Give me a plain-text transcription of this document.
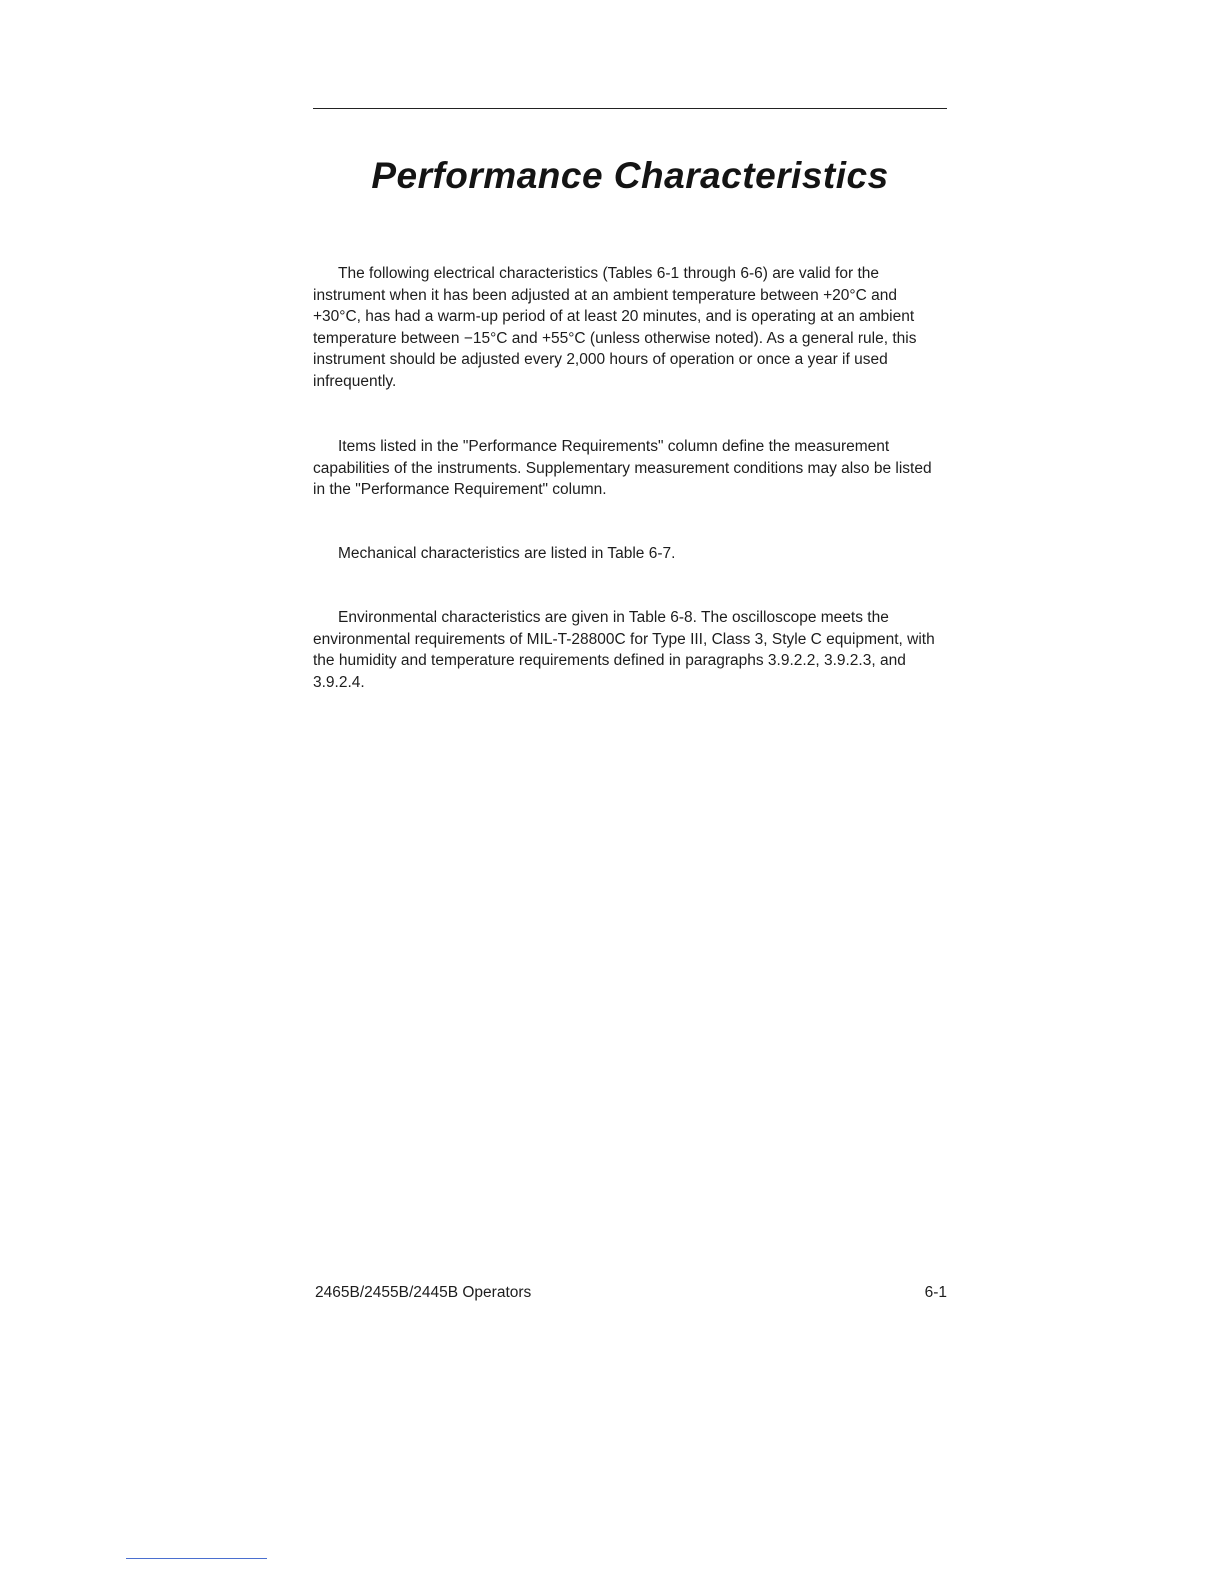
Performance Characteristics

The following electrical characteristics (Tables 6-1 through 6-6) are valid for the instrument when it has been adjusted at an ambient temperature between +20°C and +30°C, has had a warm-up period of at least 20 minutes, and is operating at an ambient temperature between −15°C and +55°C (unless otherwise noted). As a general rule, this instrument should be adjusted every 2,000 hours of operation or once a year if used infrequently.

Items listed in the "Performance Requirements" column define the measurement capabilities of the instruments. Supplementary measurement conditions may also be listed in the "Performance Requirement" column.

Mechanical characteristics are listed in Table 6-7.

Environmental characteristics are given in Table 6-8. The oscilloscope meets the environmental requirements of MIL-T-28800C for Type III, Class 3, Style C equipment, with the humidity and temperature requirements defined in paragraphs 3.9.2.2, 3.9.2.3, and 3.9.2.4.

2465B/2455B/2445B Operators	6-1
